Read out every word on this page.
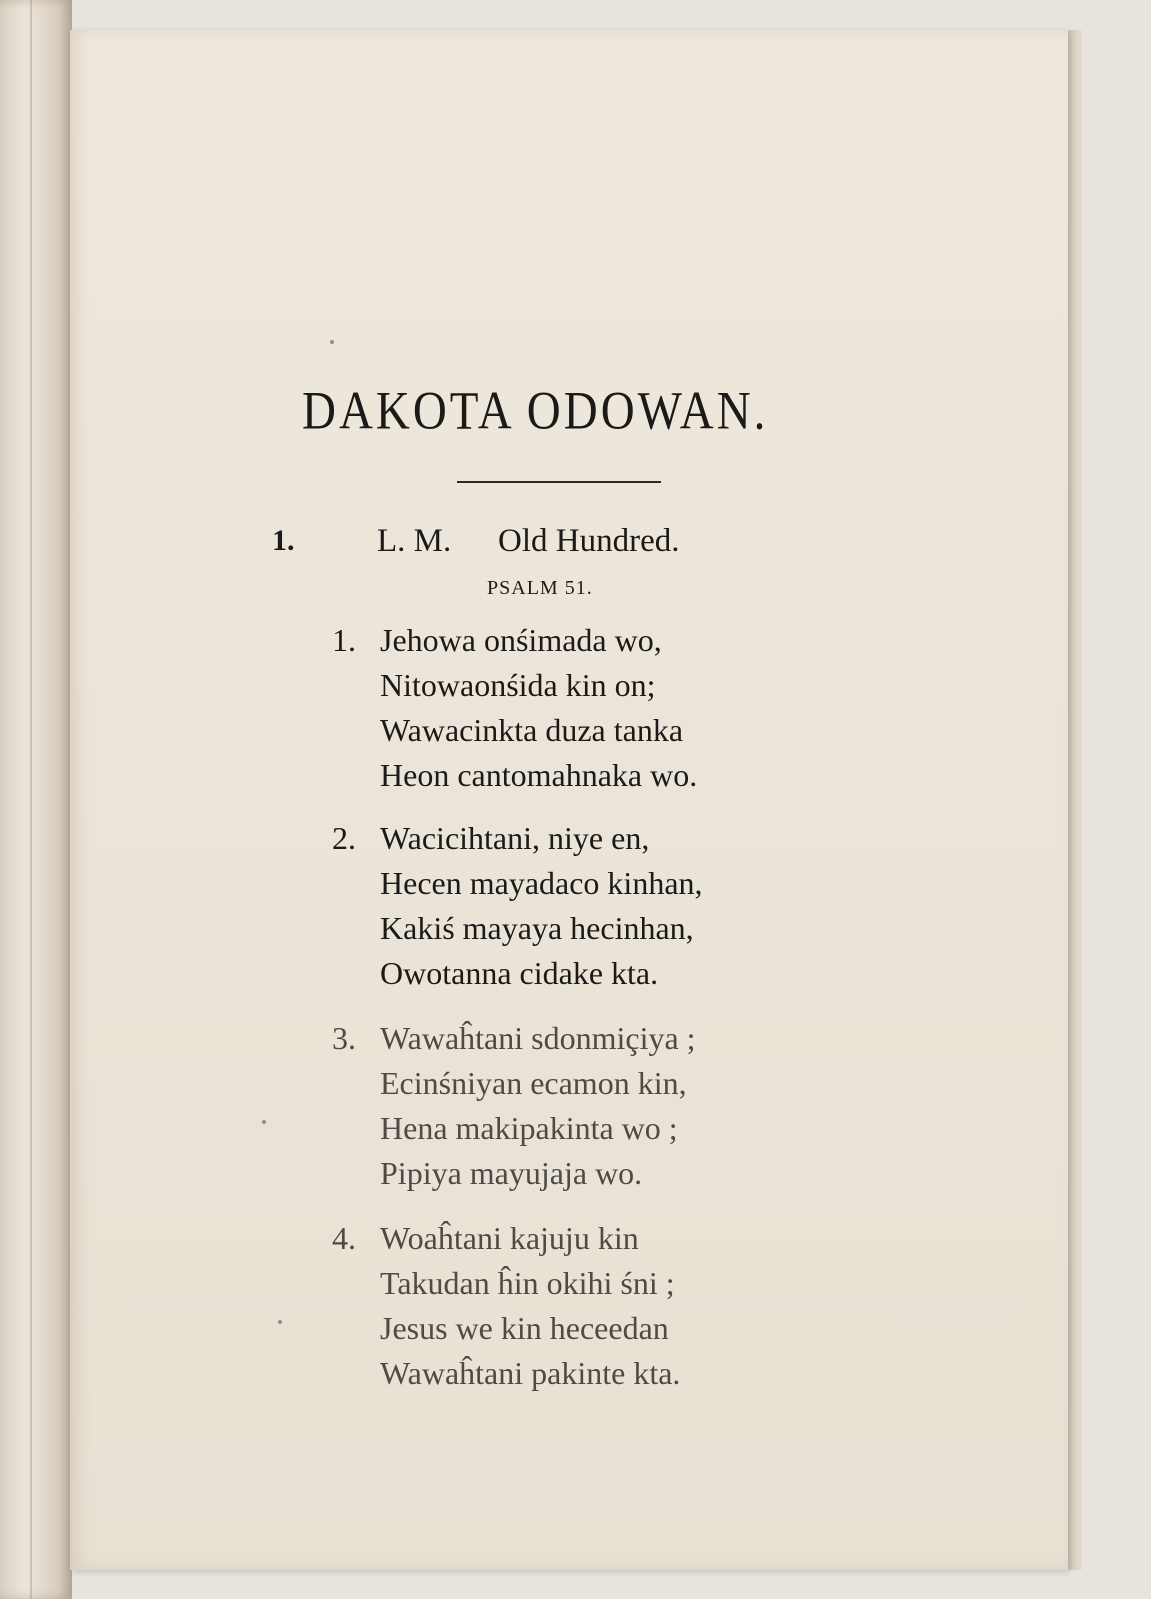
DAKOTA ODOWAN.
1.	L. M. Old Hundred.
PSALM 51.
1. Jehowa onśimada wo,
Nitowaonśida kin on;
Wawacinkta duza tanka
Heon cantomahnaka wo.
2. Wacicihtani, niye en,
Hecen mayadaco kinhan,
Kakiś mayaya hecinhan,
Owotanna cidake kta.
3. Wawaĥtani sdonmiçiya ;
Ecinśniyan ecamon kin,
Hena makipakinta wo ;
Pipiya mayujaja wo.
4. Woaĥtani kajuju kin
Takudan ĥin okihi śni ;
Jesus we kin heceedan
Wawaĥtani pakinte kta.
